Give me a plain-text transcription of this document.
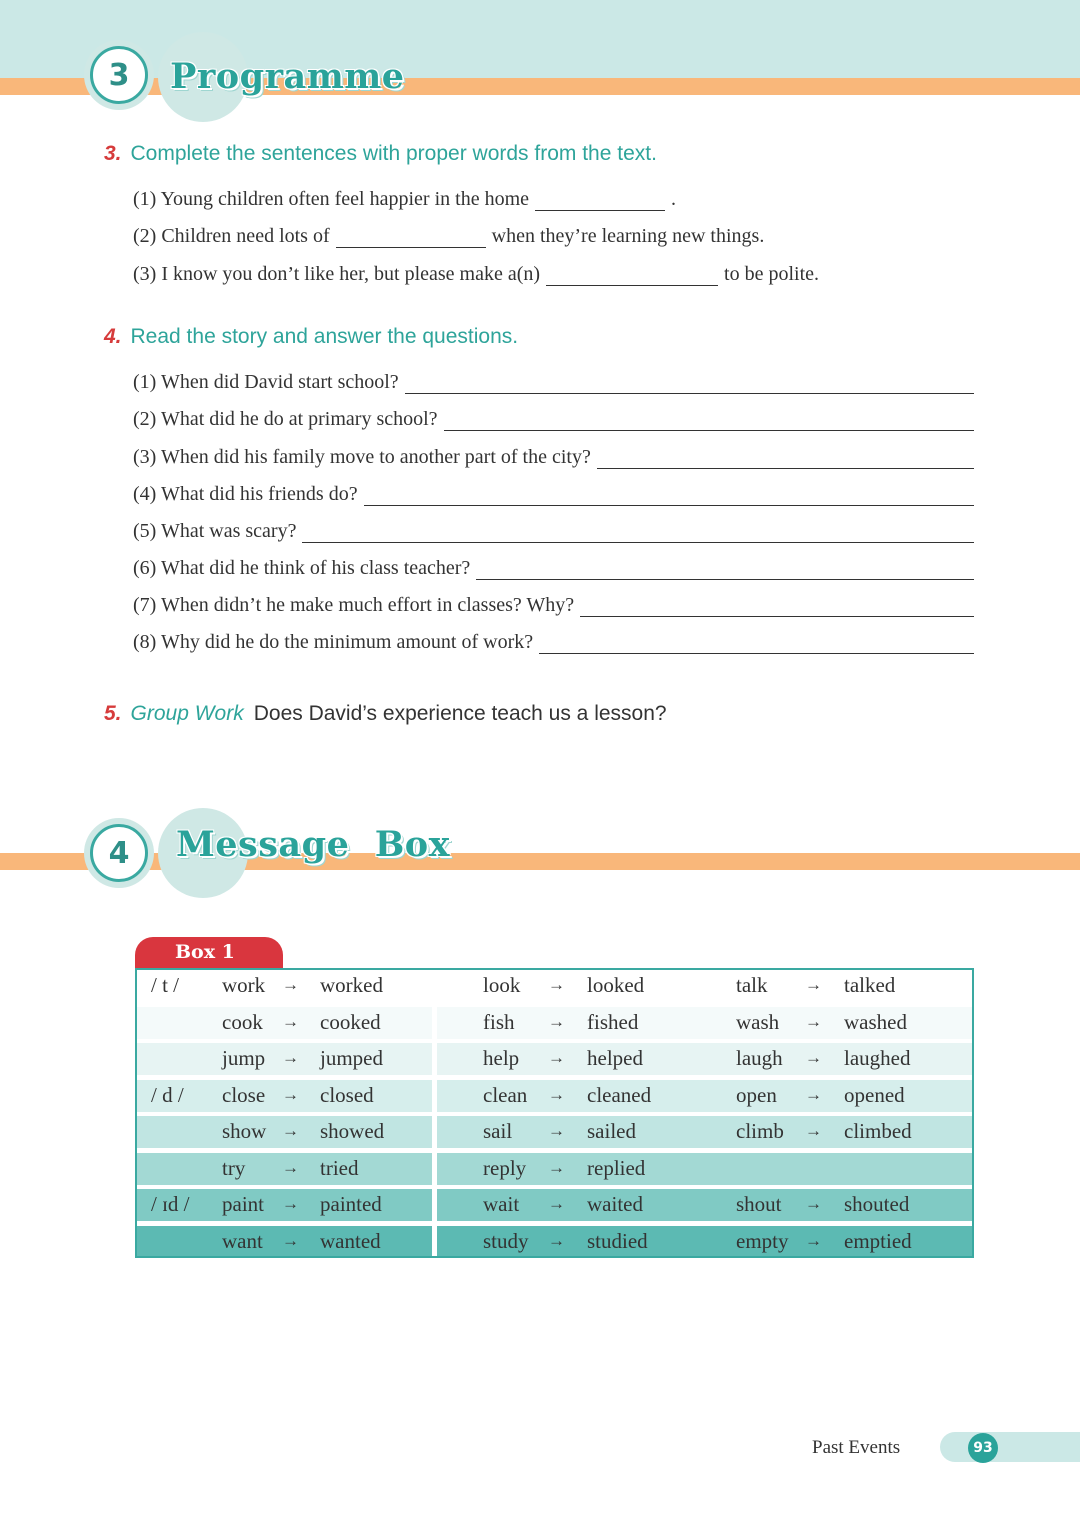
3	Programme
3. Complete the sentences with proper words from the text.
(1) Young children often feel happier in the home	.
(2) Children need lots of	when they’re learning new things.
(3) I know you don’t like her, but please make a(n)	to be polite.
4. Read the story and answer the questions.
(1) When did David start school?
(2) What did he do at primary school?
(3) When did his family move to another part of the city?
(4) What did his friends do?
(5) What was scary?
(6) What did he think of his class teacher?
(7) When didn’t he make much effort in classes? Why?
(8) Why did he do the minimum amount of work?
5. Group Work Does David’s experience teach us a lesson?
4	Message  Box
Box 1
/ t / work → worked	look → looked	talk → talked
cook → cooked	fish → fished	wash → washed
jump → jumped	help → helped	laugh → laughed
/ d / close → closed	clean → cleaned	open → opened
show → showed	sail → sailed	climb → climbed
try → tried	reply → replied
/ ɪd / paint → painted	wait → waited	shout → shouted
want → wanted	study → studied	empty → emptied
Past Events	93
